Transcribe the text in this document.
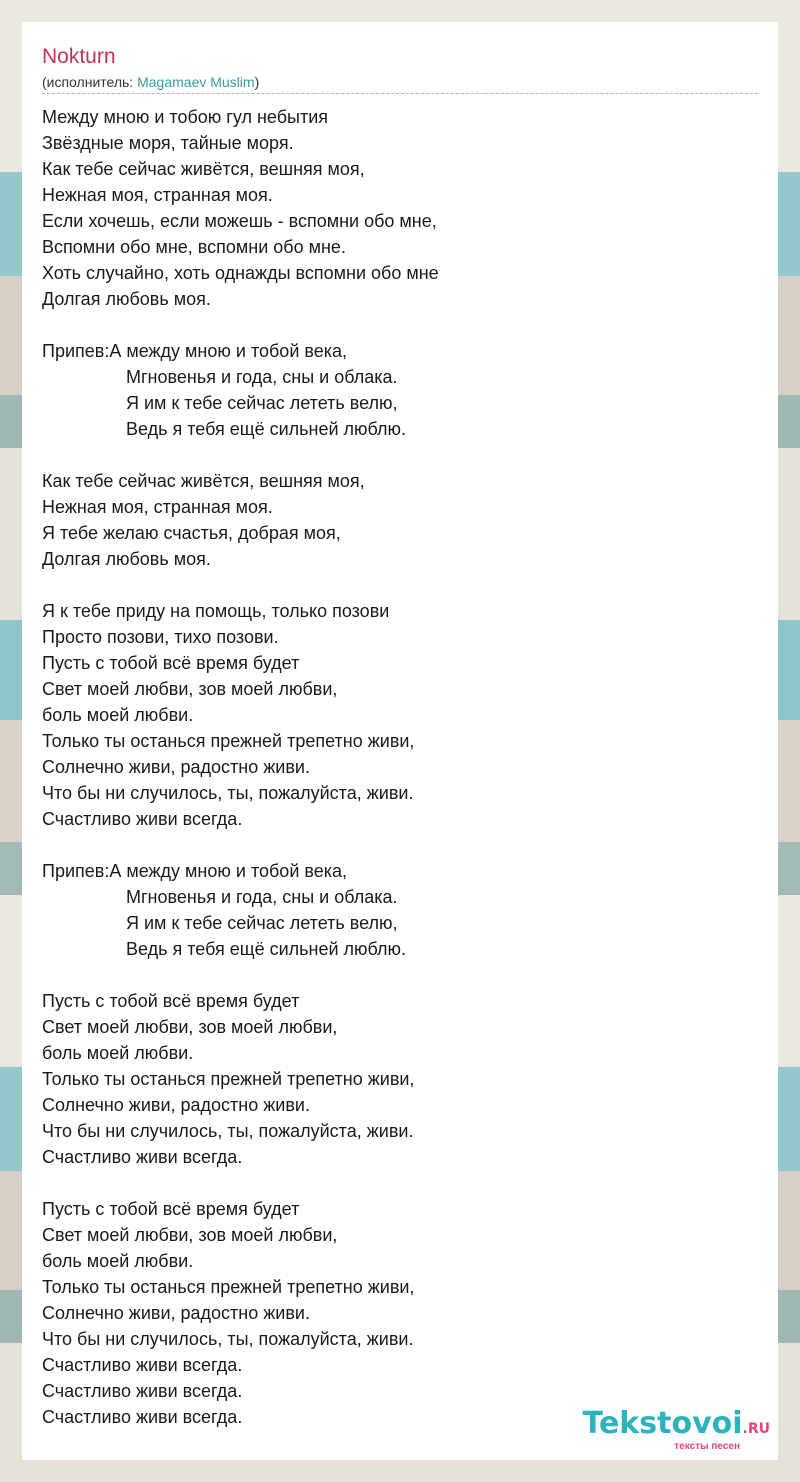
Nokturn
(исполнитель: Magamaev Muslim)
Между мною и тобою гул небытия
Звёздные моря, тайные моря.
Как тебе сейчас живётся, вешняя моя,
Нежная моя, странная моя.
Если хочешь, если можешь - вспомни обо мне,
Вспомни обо мне, вспомни обо мне.
Хоть случайно, хоть однажды вспомни обо мне
Долгая любовь моя.
Припев:А между мною и тобой века,
Мгновенья и года, сны и облака.
Я им к тебе сейчас лететь велю,
Ведь я тебя ещё сильней люблю.
Как тебе сейчас живётся, вешняя моя,
Нежная моя, странная моя.
Я тебе желаю счастья, добрая моя,
Долгая любовь моя.
Я к тебе приду на помощь, только позови
Просто позови, тихо позови.
Пусть с тобой всё время будет
Свет моей любви, зов моей любви,
боль моей любви.
Только ты останься прежней трепетно живи,
Солнечно живи, радостно живи.
Что бы ни случилось, ты, пожалуйста, живи.
Счастливо живи всегда.
Припев:А между мною и тобой века,
Мгновенья и года, сны и облака.
Я им к тебе сейчас лететь велю,
Ведь я тебя ещё сильней люблю.
Пусть с тобой всё время будет
Свет моей любви, зов моей любви,
боль моей любви.
Только ты останься прежней трепетно живи,
Солнечно живи, радостно живи.
Что бы ни случилось, ты, пожалуйста, живи.
Счастливо живи всегда.
Пусть с тобой всё время будет
Свет моей любви, зов моей любви,
боль моей любви.
Только ты останься прежней трепетно живи,
Солнечно живи, радостно живи.
Что бы ни случилось, ты, пожалуйста, живи.
Счастливо живи всегда.
Счастливо живи всегда.
Счастливо живи всегда.	Tekstovoi.RU
тексты песен
